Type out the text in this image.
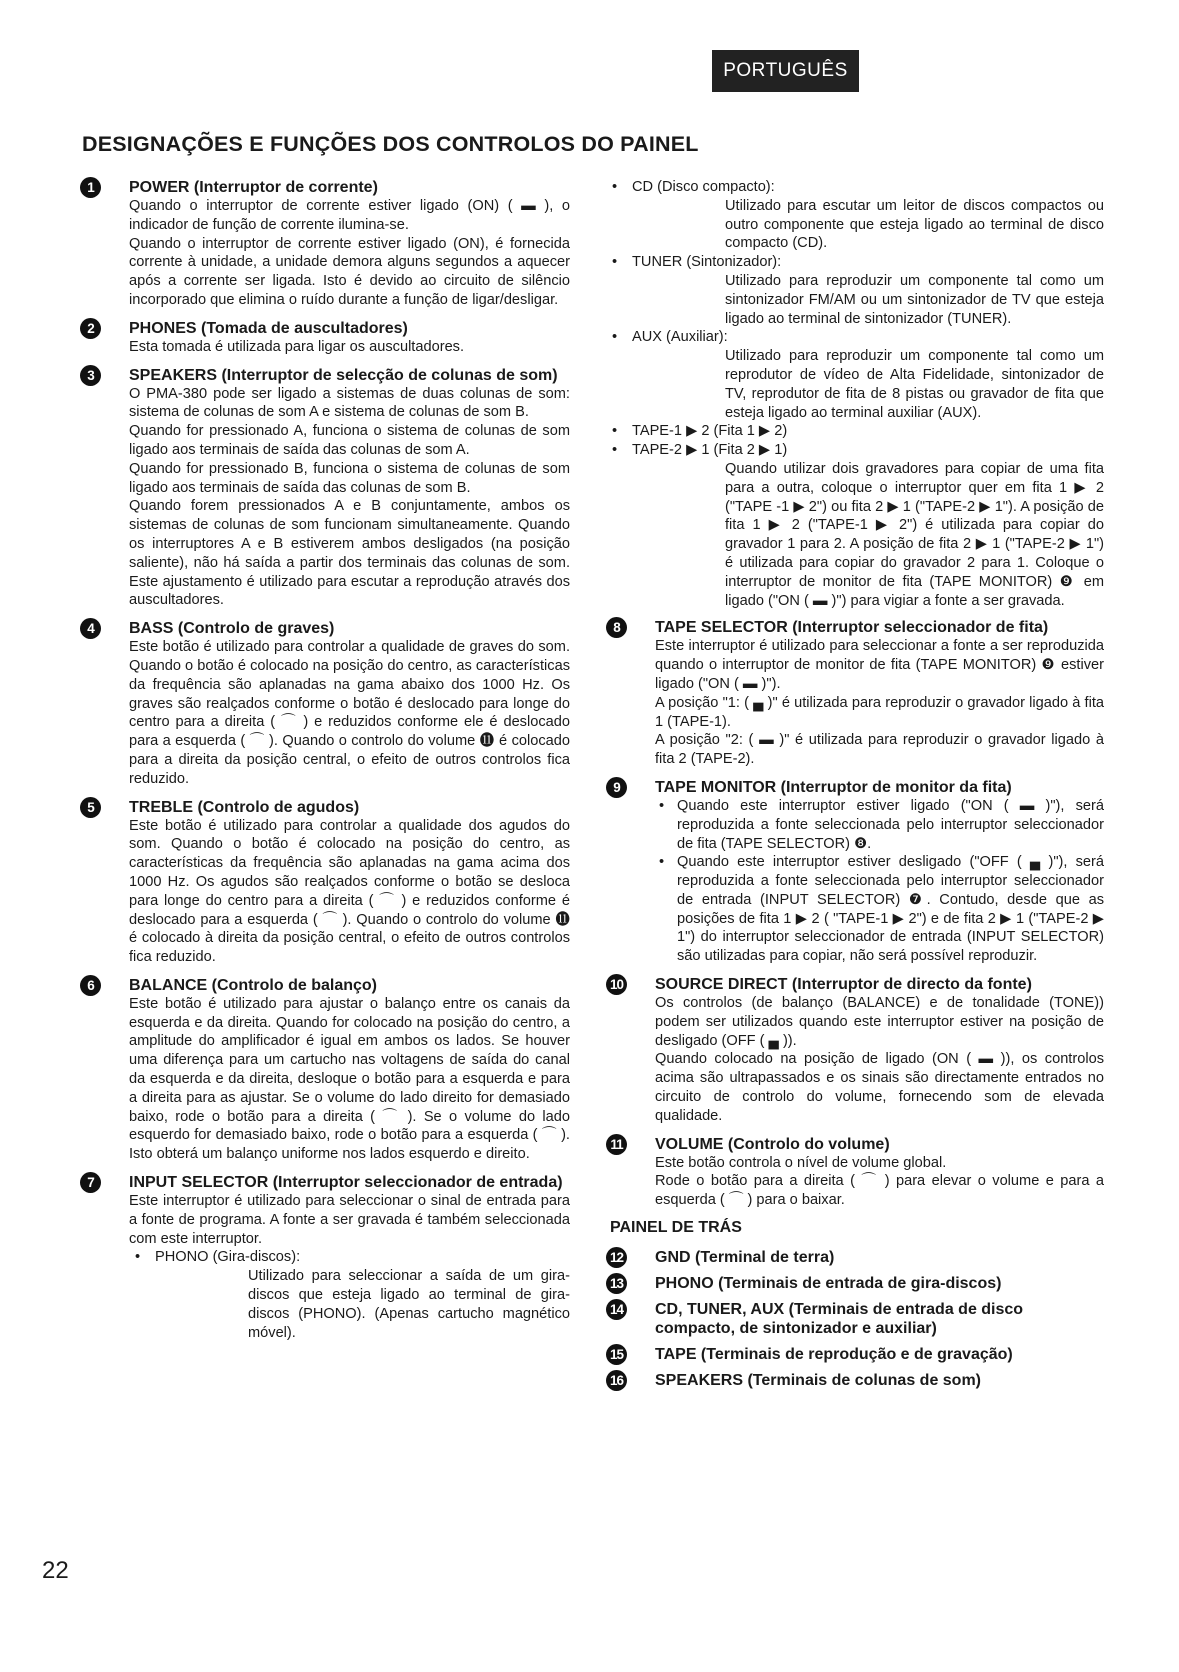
PORTUGUÊS
DESIGNAÇÕES E FUNÇÕES DOS CONTROLOS DO PAINEL
1	POWER (Interruptor de corrente)

Quando o interruptor de corrente estiver ligado (ON) ( ▬ ), o indicador de função de corrente ilumina-se.

Quando o interruptor de corrente estiver ligado (ON), é fornecida corrente à unidade, a unidade demora alguns segundos a aquecer após a corrente ser ligada. Isto é devido ao circuito de silêncio incorporado que elimina o ruído durante a função de ligar/desligar.

2	PHONES (Tomada de auscultadores)

Esta tomada é utilizada para ligar os auscultadores.

3	SPEAKERS (Interruptor de selecção de colunas de som)

O PMA-380 pode ser ligado a sistemas de duas colunas de som: sistema de colunas de som A e sistema de colunas de som B.

Quando for pressionado A, funciona o sistema de colunas de som ligado aos terminais de saída das colunas de som A.

Quando for pressionado B, funciona o sistema de colunas de som ligado aos terminais de saída das colunas de som B.

Quando forem pressionados A e B conjuntamente, ambos os sistemas de colunas de som funcionam simultaneamente. Quando os interruptores A e B estiverem ambos desligados (na posição saliente), não há saída a partir dos terminais das colunas de som. Este ajustamento é utilizado para escutar a reprodução através dos auscultadores.

4	BASS (Controlo de graves)

Este botão é utilizado para controlar a qualidade de graves do som. Quando o botão é colocado na posição do centro, as características da frequência são aplanadas na gama abaixo dos 1000 Hz. Os graves são realçados conforme o botão é deslocado para longe do centro para a direita ( ⌒ ) e reduzidos conforme ele é deslocado para a esquerda ( ⌒ ). Quando o controlo do volume ⓫ é colocado para a direita da posição central, o efeito de outros controlos fica reduzido.

5	TREBLE (Controlo de agudos)

Este botão é utilizado para controlar a qualidade dos agudos do som. Quando o botão é colocado na posição do centro, as características da frequência são aplanadas na gama acima dos 1000 Hz. Os agudos são realçados conforme o botão se desloca para longe do centro para a direita ( ⌒ ) e reduzidos conforme é deslocado para a esquerda ( ⌒ ). Quando o controlo do volume ⓫ é colocado à direita da posição central, o efeito de outros controlos fica reduzido.

6	BALANCE (Controlo de balanço)

Este botão é utilizado para ajustar o balanço entre os canais da esquerda e da direita. Quando for colocado na posição do centro, a amplitude do amplificador é igual em ambos os lados. Se houver uma diferença para um cartucho nas voltagens de saída do canal da esquerda e da direita, desloque o botão para a esquerda e para a direita para as ajustar. Se o volume do lado direito for demasiado baixo, rode o botão para a direita ( ⌒ ). Se o volume do lado esquerdo for demasiado baixo, rode o botão para a esquerda ( ⌒ ). Isto obterá um balanço uniforme nos lados esquerdo e direito.

7	INPUT SELECTOR (Interruptor seleccionador de entrada)

Este interruptor é utilizado para seleccionar o sinal de entrada para a fonte de programa. A fonte a ser gravada é também seleccionada com este interruptor.

• PHONO (Gira-discos):
Utilizado para seleccionar a saída de um gira-discos que esteja ligado ao terminal de gira-discos (PHONO). (Apenas cartucho magnético móvel).
• CD (Disco compacto):
Utilizado para escutar um leitor de discos compactos ou outro componente que esteja ligado ao terminal de disco compacto (CD).
• TUNER (Sintonizador):
Utilizado para reproduzir um componente tal como um sintonizador FM/AM ou um sintonizador de TV que esteja ligado ao terminal de sintonizador (TUNER).
• AUX (Auxiliar):
Utilizado para reproduzir um componente tal como um reprodutor de vídeo de Alta Fidelidade, sintonizador de TV, reprodutor de fita de 8 pistas ou gravador de fita que esteja ligado ao terminal auxiliar (AUX).
• TAPE-1 ▶ 2 (Fita 1 ▶ 2)
• TAPE-2 ▶ 1 (Fita 2 ▶ 1)
Quando utilizar dois gravadores para copiar de uma fita para a outra, coloque o interruptor quer em fita 1 ▶ 2 ("TAPE -1 ▶ 2") ou fita 2 ▶ 1 ("TAPE-2 ▶ 1"). A posição de fita 1 ▶ 2 ("TAPE-1 ▶ 2") é utilizada para copiar do gravador 1 para 2. A posição de fita 2 ▶ 1 ("TAPE-2 ▶ 1") é utilizada para copiar do gravador 2 para 1. Coloque o interruptor de monitor de fita (TAPE MONITOR) ❾ em ligado ("ON ( ▬ )") para vigiar a fonte a ser gravada.
8	TAPE SELECTOR (Interruptor seleccionador de fita)

Este interruptor é utilizado para seleccionar a fonte a ser reproduzida quando o interruptor de monitor de fita (TAPE MONITOR) ❾ estiver ligado ("ON ( ▬ )").

A posição "1: ( ▄ )" é utilizada para reproduzir o gravador ligado à fita 1 (TAPE-1).

A posição "2: ( ▬ )" é utilizada para reproduzir o gravador ligado à fita 2 (TAPE-2).

9	TAPE MONITOR (Interruptor de monitor da fita)
• Quando este interruptor estiver ligado ("ON ( ▬ )"), será reproduzida a fonte seleccionada pelo interruptor seleccionador de fita (TAPE SELECTOR) ❽.
• Quando este interruptor estiver desligado ("OFF ( ▄ )"), será reproduzida a fonte seleccionada pelo interruptor seleccionador de entrada (INPUT SELECTOR) ❼. Contudo, desde que as posições de fita 1 ▶ 2 ( "TAPE-1 ▶ 2") e de fita 2 ▶ 1 ("TAPE-2 ▶ 1") do interruptor seleccionador de entrada (INPUT SELECTOR) são utilizadas para copiar, não será possível reproduzir.
10 SOURCE DIRECT (Interruptor de directo da fonte)

Os controlos (de balanço (BALANCE) e de tonalidade (TONE)) podem ser utilizados quando este interruptor estiver na posição de desligado (OFF ( ▄ )).

Quando colocado na posição de ligado (ON ( ▬ )), os controlos acima são ultrapassados e os sinais são directamente entrados no circuito de controlo do volume, fornecendo som de elevada qualidade.

11 VOLUME (Controlo do volume)

Este botão controla o nível de volume global.

Rode o botão para a direita ( ⌒ ) para elevar o volume e para a esquerda ( ⌒ ) para o baixar.

PAINEL DE TRÁS
12 GND (Terminal de terra)
13 PHONO (Terminais de entrada de gira-discos)
14 CD, TUNER, AUX (Terminais de entrada de disco compacto, de sintonizador e auxiliar)
15 TAPE (Terminais de reprodução e de gravação)
16 SPEAKERS (Terminais de colunas de som)
22
